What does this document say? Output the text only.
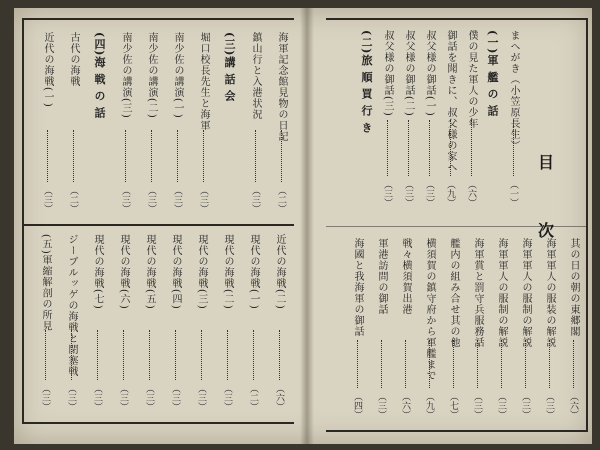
目
次
まへがき（小笠原長生）
（一）
(一)軍 艦 の 話
僕の見た軍人の少年
（六）
御話を聞きに、叔父様の家へ
（九）
叔父様の御話(一)
（三）
叔父様の御話(二)
（三）
叔父様の御話(三)
（三）
(二)旅 順 買 行 き
海軍記念館見物の日記
（二）
鎮山行と入港状況
（三）
(三)講 話 会
堀口校長先生と海軍
（三）
南少佐の講演(一)
（三）
南少佐の講演(二)
（三）
南少佐の講演(三)
（三）
(四)海 戦 の 話
古代の海戦
（二）
近代の海戦(一)
（三）
其の日の朝の東郷閣
（六）
海軍軍人の服装の解説
（三）
海軍軍人の服制の解説
（三）
海軍軍人の服制の解説
（三）
海軍賞と罰守兵服務話
（三）
艦内の組み合せ其の他
（七）
横須賀の鎮守府から軍艦まで
（九）
戦々横須賀出港
（六）
軍港訪問の御話
（三）
海國と我海軍の御話
（四）
近代の海戦(二)
（六）
現代の海戦(一)
（二）
現代の海戦(二)
（三）
現代の海戦(三)
（三）
現代の海戦(四)
（三）
現代の海戦(五)
（三）
現代の海戦(六)
（三）
現代の海戦(七)
（三）
ジーブルッゲの海戦と閉塞戦
（三）
(五)軍縮解剖の所見
（三）
